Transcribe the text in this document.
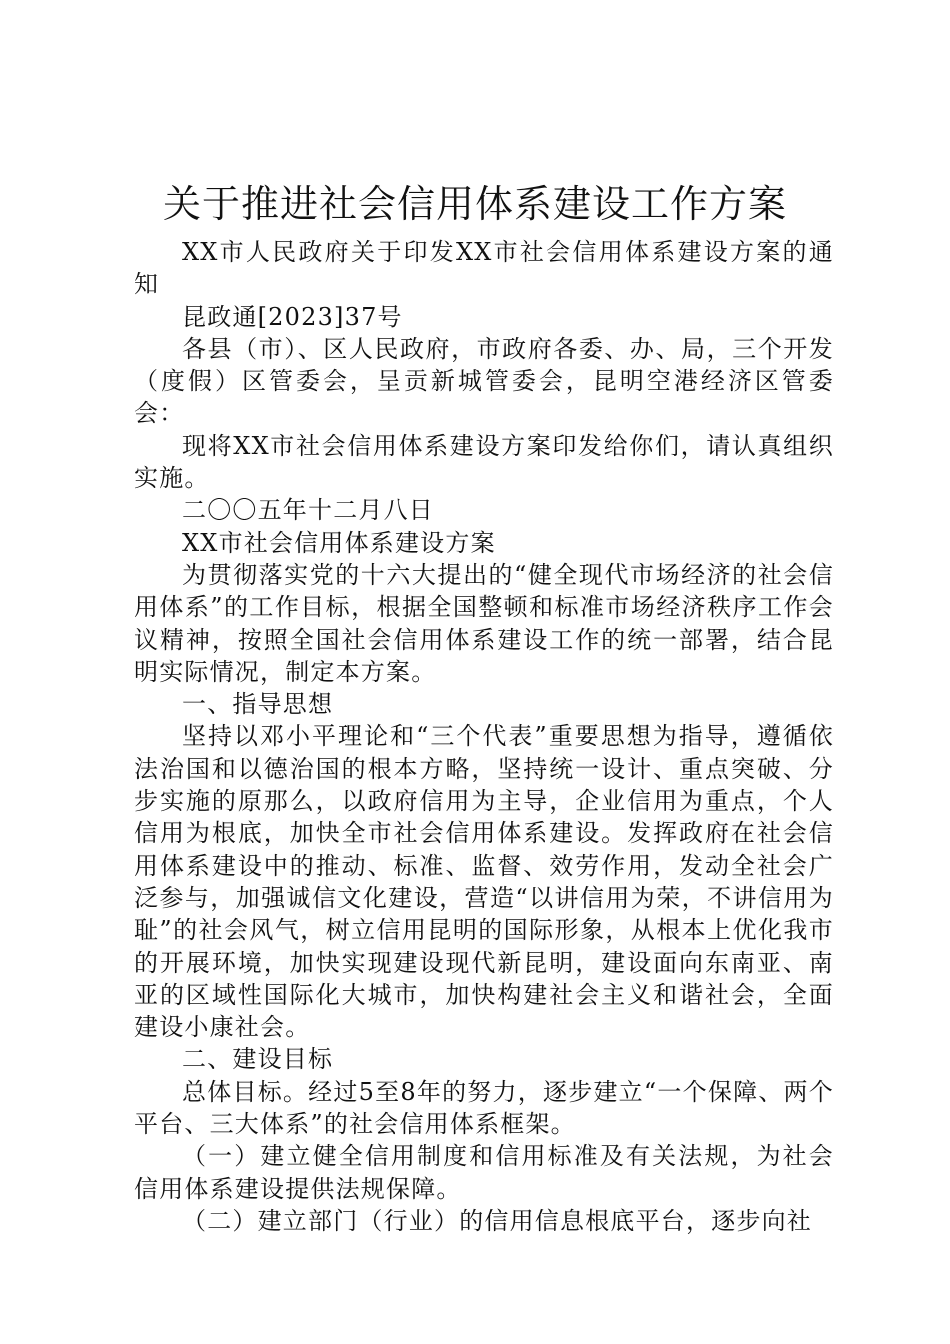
关于推进社会信用体系建设工作方案

XX市人民政府关于印发XX市社会信用体系建设方案的通知

昆政通[2023]37号

各县（市）、区人民政府，市政府各委、办、局，三个开发（度假）区管委会，呈贡新城管委会，昆明空港经济区管委会：

现将XX市社会信用体系建设方案印发给你们，请认真组织实施。

二〇〇五年十二月八日

XX市社会信用体系建设方案

为贯彻落实党的十六大提出的“健全现代市场经济的社会信用体系”的工作目标，根据全国整顿和标准市场经济秩序工作会议精神，按照全国社会信用体系建设工作的统一部署，结合昆明实际情况，制定本方案。

一、指导思想

坚持以邓小平理论和“三个代表”重要思想为指导，遵循依法治国和以德治国的根本方略，坚持统一设计、重点突破、分步实施的原那么，以政府信用为主导，企业信用为重点，个人信用为根底，加快全市社会信用体系建设。发挥政府在社会信用体系建设中的推动、标准、监督、效劳作用，发动全社会广泛参与，加强诚信文化建设，营造“以讲信用为荣，不讲信用为耻”的社会风气，树立信用昆明的国际形象，从根本上优化我市的开展环境，加快实现建设现代新昆明，建设面向东南亚、南亚的区域性国际化大城市，加快构建社会主义和谐社会，全面建设小康社会。

二、建设目标

总体目标。经过5至8年的努力，逐步建立“一个保障、两个平台、三大体系”的社会信用体系框架。

（一）建立健全信用制度和信用标准及有关法规，为社会信用体系建设提供法规保障。

（二）建立部门（行业）的信用信息根底平台，逐步向社
